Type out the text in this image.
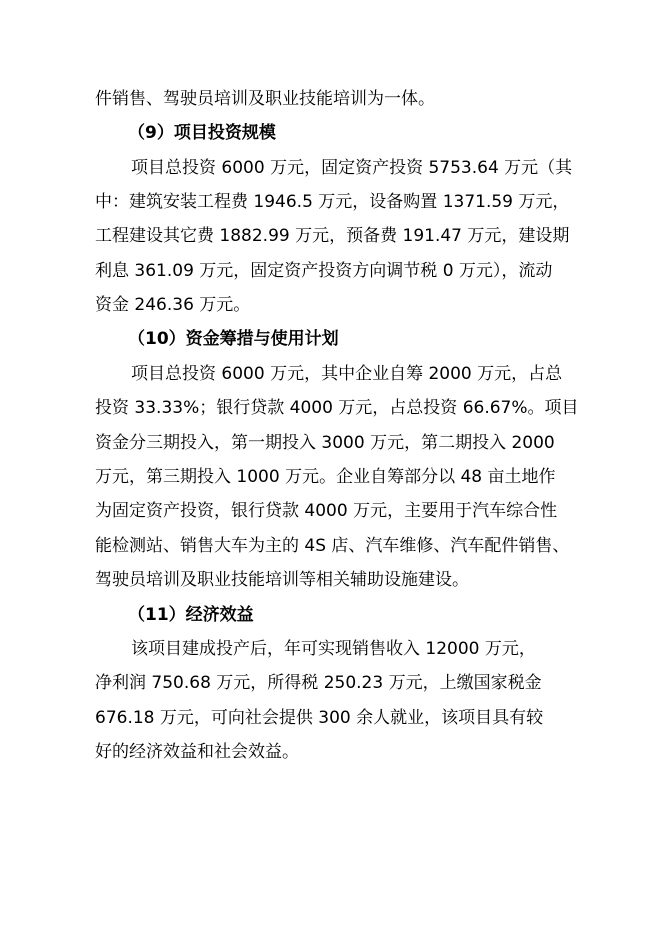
件销售、驾驶员培训及职业技能培训为一体。
（9）项目投资规模
项目总投资 6000 万元，固定资产投资 5753.64 万元（其
中：建筑安装工程费 1946.5 万元，设备购置 1371.59 万元，
工程建设其它费 1882.99 万元，预备费 191.47 万元，建设期
利息 361.09 万元，固定资产投资方向调节税 0 万元），流动
资金 246.36 万元。
（10）资金筹措与使用计划
项目总投资 6000 万元，其中企业自筹 2000 万元，占总
投资 33.33%；银行贷款 4000 万元，占总投资 66.67%。项目
资金分三期投入，第一期投入 3000 万元，第二期投入 2000
万元，第三期投入 1000 万元。企业自筹部分以 48 亩土地作
为固定资产投资，银行贷款 4000 万元，主要用于汽车综合性
能检测站、销售大车为主的 4S 店、汽车维修、汽车配件销售、
驾驶员培训及职业技能培训等相关辅助设施建设。
（11）经济效益
该项目建成投产后，年可实现销售收入 12000 万元，
净利润 750.68 万元，所得税 250.23 万元，上缴国家税金
676.18 万元，可向社会提供 300 余人就业，该项目具有较
好的经济效益和社会效益。
